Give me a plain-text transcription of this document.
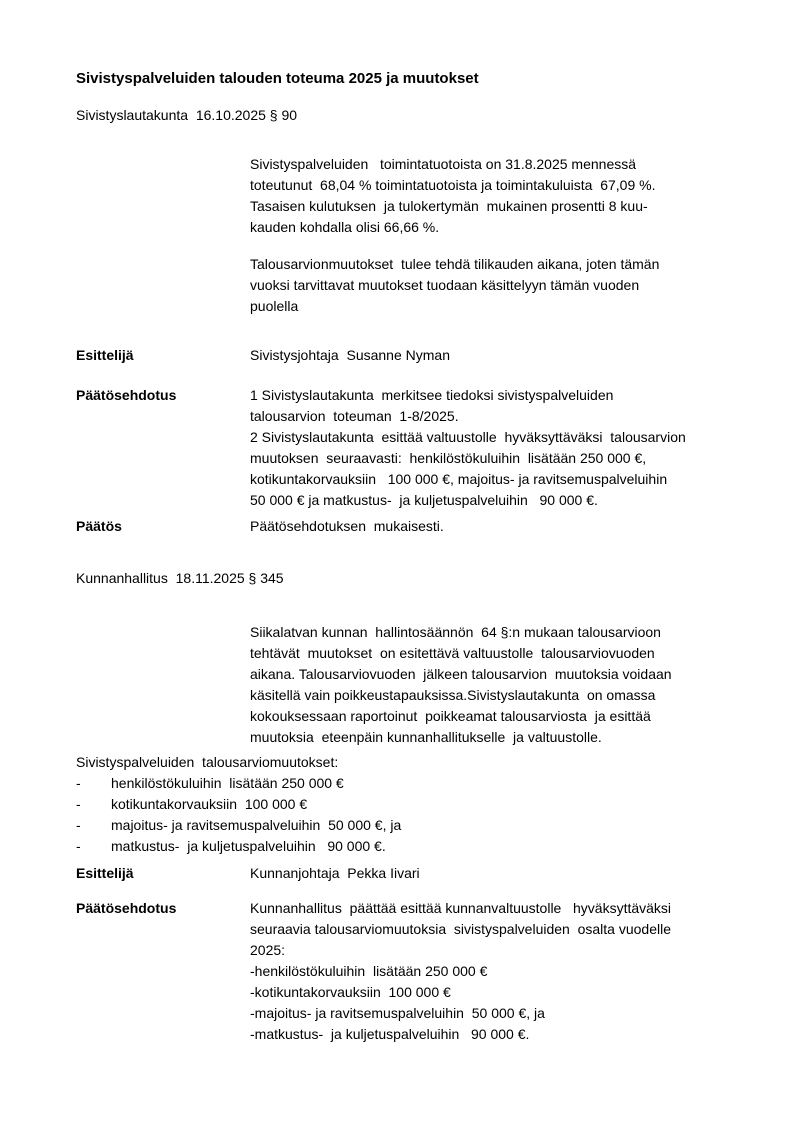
Sivistyspalveluiden talouden toteuma 2025 ja muutokset
Sivistyslautakunta  16.10.2025 § 90
Sivistyspalveluiden   toimintatuotoista on 31.8.2025 mennessä
toteutunut  68,04 % toimintatuotoista ja toimintakuluista  67,09 %.
Tasaisen kulutuksen  ja tulokertymän  mukainen prosentti 8 kuu-
kauden kohdalla olisi 66,66 %.
Talousarvionmuutokset  tulee tehdä tilikauden aikana, joten tämän
vuoksi tarvittavat muutokset tuodaan käsittelyyn tämän vuoden
puolella
Esittelijä	Sivistysjohtaja  Susanne Nyman
Päätösehdotus	1 Sivistyslautakunta  merkitsee tiedoksi sivistyspalveluiden
talousarvion  toteuman  1-8/2025.
2 Sivistyslautakunta  esittää valtuustolle  hyväksyttäväksi  talousarvion
muutoksen  seuraavasti:  henkilöstökuluihin  lisätään 250 000 €,
kotikuntakorvauksiin   100 000 €, majoitus- ja ravitsemuspalveluihin
50 000 € ja matkustus-  ja kuljetuspalveluihin   90 000 €.
Päätös	Päätösehdotuksen  mukaisesti.
Kunnanhallitus  18.11.2025 § 345
Siikalatvan kunnan  hallintosäännön  64 §:n mukaan talousarvioon
tehtävät  muutokset  on esitettävä valtuustolle  talousarviovuoden
aikana. Talousarviovuoden  jälkeen talousarvion  muutoksia voidaan
käsitellä vain poikkeustapauksissa.Sivistyslautakunta  on omassa
kokouksessaan raportoinut  poikkeamat talousarviosta  ja esittää
muutoksia  eteenpäin kunnanhallitukselle  ja valtuustolle.
Sivistyspalveluiden  talousarviomuutokset:
-	henkilöstökuluihin  lisätään 250 000 €
-	kotikuntakorvauksiin  100 000 €
-	majoitus- ja ravitsemuspalveluihin  50 000 €, ja
-	matkustus-  ja kuljetuspalveluihin   90 000 €.
Esittelijä	Kunnanjohtaja  Pekka Iivari
Päätösehdotus	Kunnanhallitus  päättää esittää kunnanvaltuustolle   hyväksyttäväksi
seuraavia talousarviomuutoksia  sivistyspalveluiden  osalta vuodelle
2025:
-henkilöstökuluihin  lisätään 250 000 €
-kotikuntakorvauksiin  100 000 €
-majoitus- ja ravitsemuspalveluihin  50 000 €, ja
-matkustus-  ja kuljetuspalveluihin   90 000 €.
